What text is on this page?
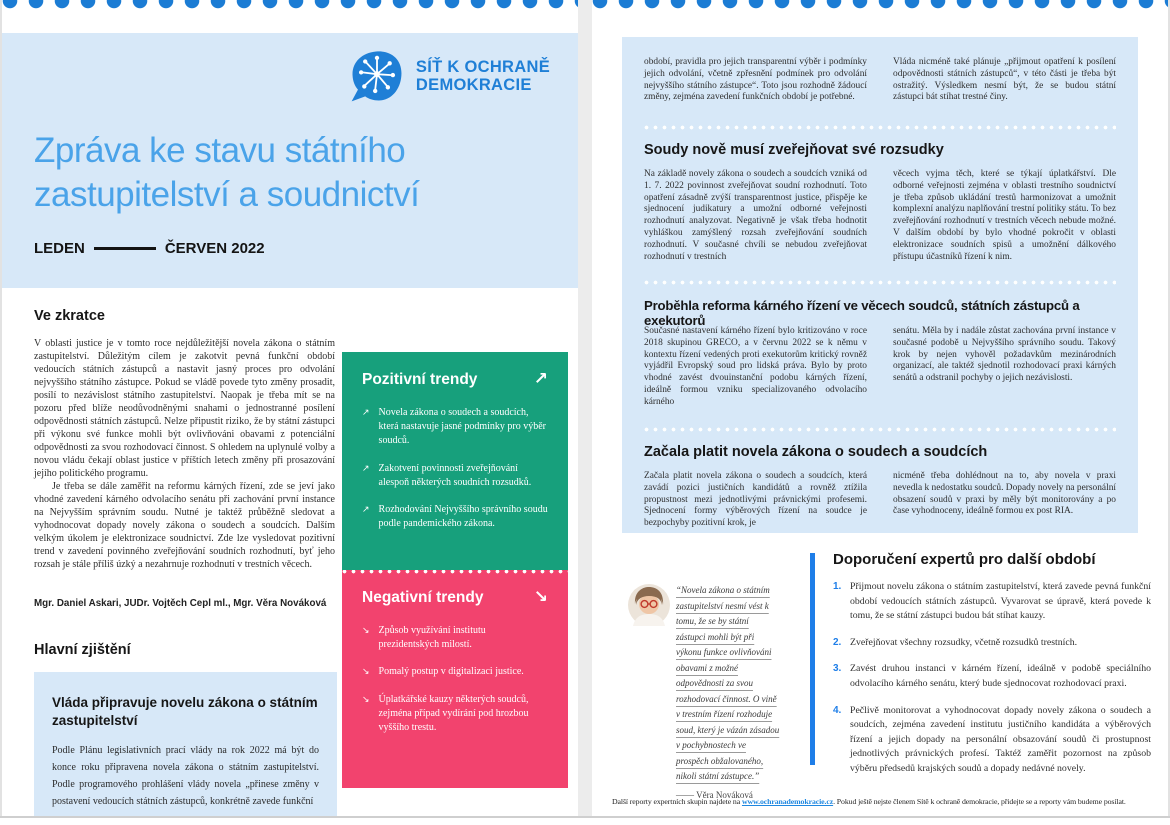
SÍŤ K OCHRANĚ
DEMOKRACIE
Zpráva ke stavu státního zastupitelství a soudnictví
LEDEN	ČERVEN 2022
Ve zkratce

V oblasti justice je v tomto roce nejdůležitější novela zákona o státním zastupitelství. Důležitým cílem je zakotvit pevná funkční období vedoucích státních zástupců a nastavit jasný proces pro odvolání nejvyššího státního zástupce. Pokud se vládě povede tyto změny prosadit, posílí to nezávislost státního zastupitelství. Naopak je třeba mít se na pozoru před blíže neodůvodněnými snahami o jednostranné posílení odpovědnosti státních zástupců. Nelze připustit riziko, že by státní zástupci při výkonu své funkce mohli být ovlivňováni obavami z potenciální odpovědnosti za svou rozhodovací činnost. S ohledem na uplynulé volby a novou vládu čekají oblast justice v příštích letech změny při prosazování jejího politického programu.

Je třeba se dále zaměřit na reformu kárných řízení, zde se jeví jako vhodné zavedení kárného odvolacího senátu při zachování první instance na Nejvyšším správním soudu. Nutné je taktéž průběžně sledovat a vyhodnocovat dopady novely zákona o soudech a soudcích. Dalším velkým úkolem je elektronizace soudnictví. Zde lze vysledovat pozitivní trend v zavedení povinného zveřejňování soudních rozhodnutí, byť jeho rozsah je stále příliš úzký a nezahrnuje rozhodnutí v trestních věcech.

Mgr. Daniel Askari, JUDr. Vojtěch Cepl ml., Mgr. Věra Nováková
Hlavní zjištění
Vláda připravuje novelu zákona o státním zastupitelství

Podle Plánu legislativních prací vlády na rok 2022 má být do konce roku připravena novela zákona o státním zastupitelství. Podle programového prohlášení vlády novela „přinese změny v postavení vedoucích státních zástupců, konkrétně zavede funkční

Pozitivní trendy	↗
↗ Novela zákona o soudech a soudcích, která nastavuje jasné podmínky pro výběr soudců.
↗ Zakotvení povinnosti zveřejňování alespoň některých soudních rozsudků.
↗ Rozhodování Nejvyššího správního soudu podle pandemického zákona.
Negativní trendy	↘
↘ Způsob využívání institutu prezidentských milostí.
↘ Pomalý postup v digitalizaci justice.
↘ Úplatkářské kauzy některých soudců, zejména případ vydírání pod hrozbou vyššího trestu.
období, pravidla pro jejich transparentní výběr i podmínky jejich odvolání, včetně zpřesnění podmínek pro odvolání nejvyššího státního zástupce“. Toto jsou rozhodně žádoucí změny, zejména zavedení funkčních období je potřebné.
Vláda nicméně také plánuje „přijmout opatření k posílení odpovědnosti státních zástupců“, v této části je třeba být ostražitý. Výsledkem nesmí být, že se budou státní zástupci bát stíhat trestné činy.
Soudy nově musí zveřejňovat své rozsudky
Na základě novely zákona o soudech a soudcích vzniká od 1. 7. 2022 povinnost zveřejňovat soudní rozhodnutí. Toto opatření zásadně zvýší transparentnost justice, přispěje ke sjednocení judikatury a umožní odborné veřejnosti rozhodnutí analyzovat. Negativně je však třeba hodnotit vyhláškou zamýšlený rozsah zveřejňování soudních rozhodnutí. V současné chvíli se nebudou zveřejňovat rozhodnutí v trestních
věcech vyjma těch, které se týkají úplatkářství. Dle odborné veřejnosti zejména v oblasti trestního soudnictví je třeba způsob ukládání trestů harmonizovat a umožnit komplexní analýzu naplňování trestní politiky státu. To bez zveřejňování rozhodnutí v trestních věcech nebude možné. V dalším období by bylo vhodné pokročit v oblasti elektronizace soudních spisů a umožnění dálkového přístupu účastníků řízení k nim.
Proběhla reforma kárného řízení ve věcech soudců, státních zástupců a exekutorů
Současné nastavení kárného řízení bylo kritizováno v roce 2018 skupinou GRECO, a v červnu 2022 se k němu v kontextu řízení vedených proti exekutorům kritický rovněž vyjádřil Evropský soud pro lidská práva. Bylo by proto vhodné zavést dvouinstanční podobu kárných řízení, ideálně formou vzniku specializovaného odvolacího kárného
senátu. Měla by i nadále zůstat zachována první instance v současné podobě u Nejvyššího správního soudu. Takový krok by nejen vyhověl požadavkům mezinárodních organizací, ale taktéž sjednotil rozhodovací praxi kárných senátů a odstranil pochyby o jejich nezávislosti.
Začala platit novela zákona o soudech a soudcích
Začala platit novela zákona o soudech a soudcích, která zavádí pozici justičních kandidátů a rovněž ztížila propustnost mezi jednotlivými právnickými profesemi. Sjednocení formy výběrových řízení na soudce je bezpochyby pozitivní krok, je
nicméně třeba dohlédnout na to, aby novela v praxi nevedla k nedostatku soudců. Dopady novely na personální obsazení soudů v praxi by měly být monitorovány a po čase vyhodnoceny, ideálně formou ex post RIA.
“Novela zákona o státním zastupitelství nesmí vést k tomu, že se by státní zástupci mohli být při výkonu funkce ovlivňováni obavami z možné odpovědnosti za svou rozhodovací činnost. O vině v trestním řízení rozhoduje soud, který je vázán zásadou v pochybnostech ve prospěch obžalovaného, nikoli státní zástupce.”
—— Věra Nováková
Doporučení expertů pro další období
1. Přijmout novelu zákona o státním zastupitelství, která zavede pevná funkční období vedoucích státních zástupců. Vyvarovat se úpravě, která povede k tomu, že se státní zástupci budou bát stíhat kauzy.
2. Zveřejňovat všechny rozsudky, včetně rozsudků trestních.
3. Zavést druhou instanci v kárném řízení, ideálně v podobě speciálního odvolacího kárného senátu, který bude sjednocovat rozhodovací praxi.
4. Pečlivě monitorovat a vyhodnocovat dopady novely zákona o soudech a soudcích, zejména zavedení institutu justičního kandidáta a výběrových řízení a jejich dopady na personální obsazování soudů či prostupnost jednotlivých právnických profesí. Taktéž zaměřit pozornost na způsob výběru předsedů krajských soudů a dopady nedávné novely.
Další reporty expertních skupin najdete na www.ochranademokracie.cz. Pokud ještě nejste členem Sítě k ochraně demokracie, přidejte se a reporty vám budeme posílat.
